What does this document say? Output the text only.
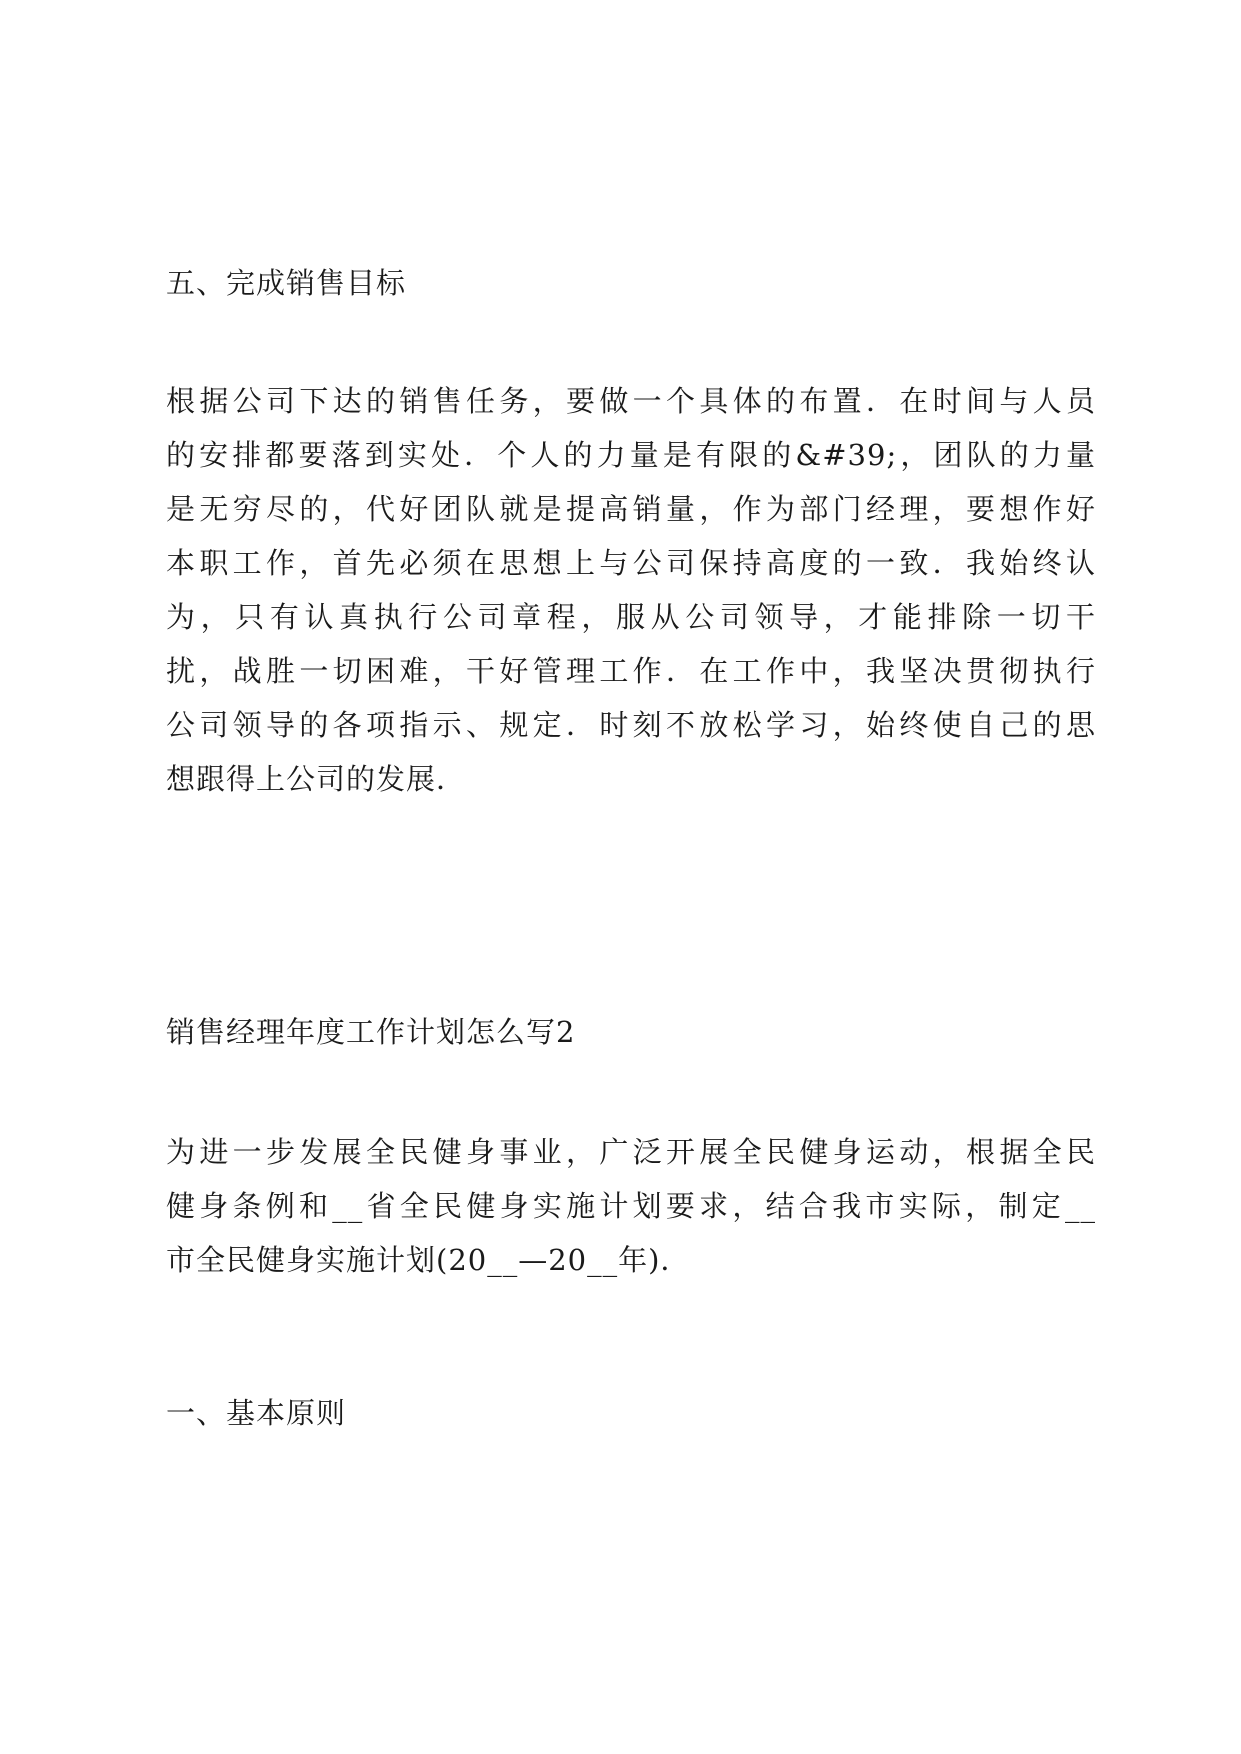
五、完成销售目标
根据公司下达的销售任务，要做一个具体的布置．在时间与人员
的安排都要落到实处．个人的力量是有限的&#39;，团队的力量
是无穷尽的，代好团队就是提高销量，作为部门经理，要想作好
本职工作，首先必须在思想上与公司保持高度的一致．我始终认
为，只有认真执行公司章程，服从公司领导，才能排除一切干
扰，战胜一切困难，干好管理工作．在工作中，我坚决贯彻执行
公司领导的各项指示、规定．时刻不放松学习，始终使自己的思
想跟得上公司的发展．
销售经理年度工作计划怎么写2
为进一步发展全民健身事业，广泛开展全民健身运动，根据全民
健身条例和__省全民健身实施计划要求，结合我市实际，制定__
市全民健身实施计划(20__—20__年)．
一、基本原则
